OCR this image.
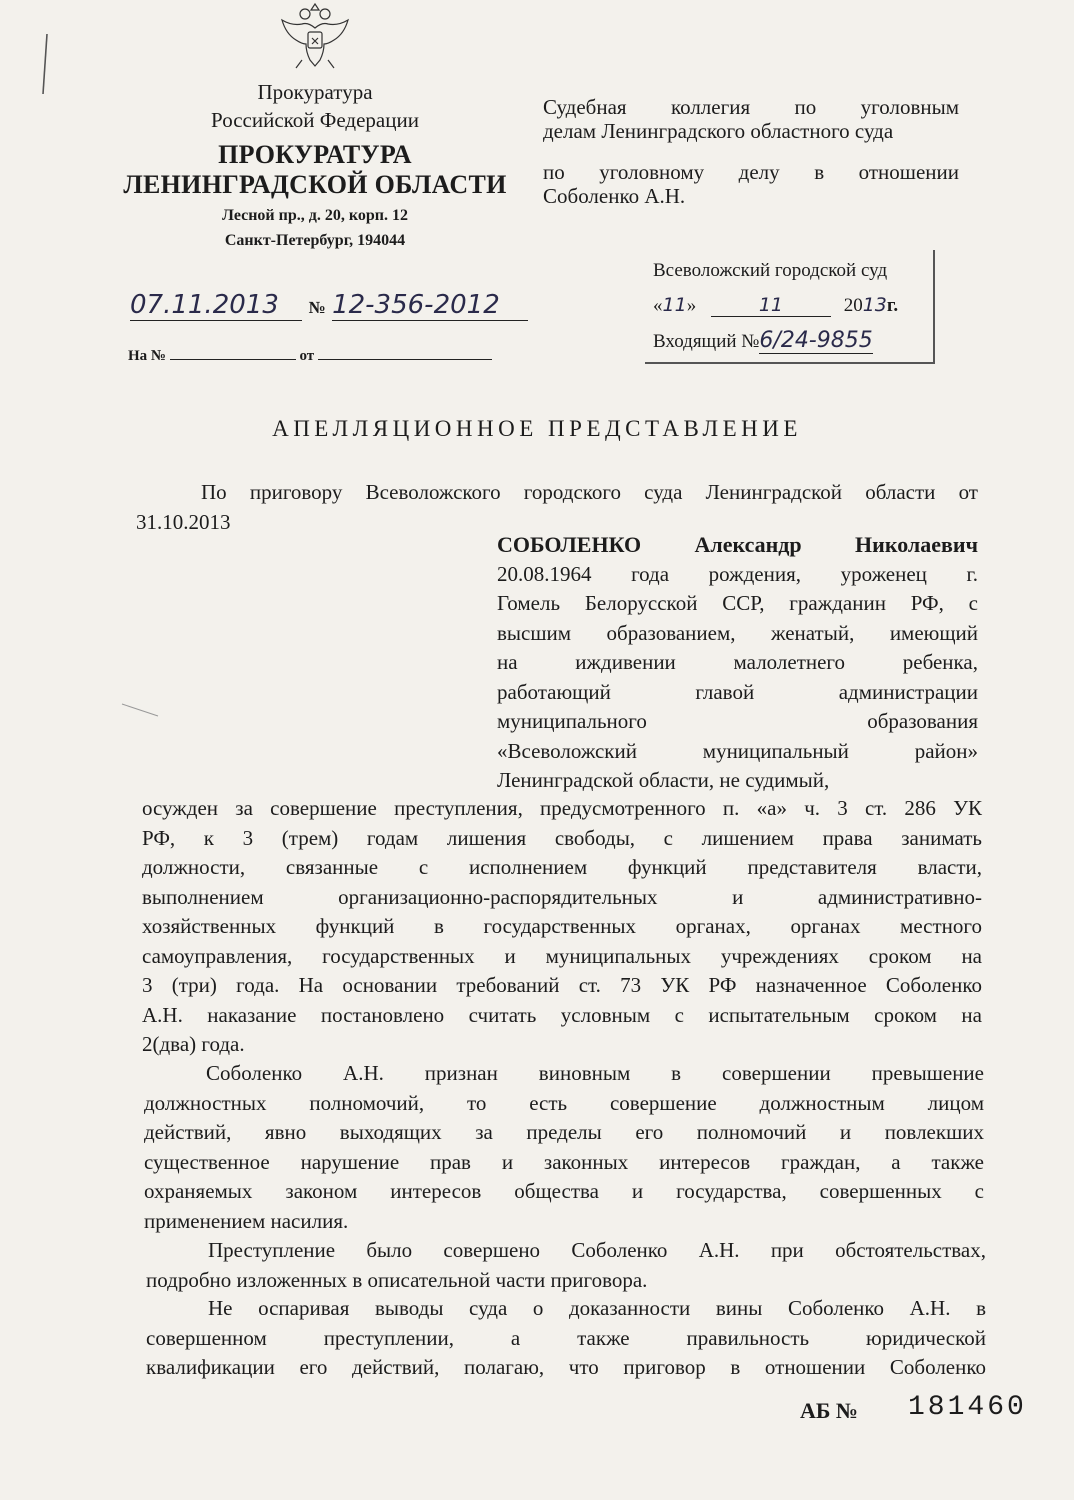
Прокуратура
Российской Федерации
ПРОКУРАТУРА
ЛЕНИНГРАДСКОЙ ОБЛАСТИ
Лесной пр., д. 20, корп. 12
Санкт-Петербург, 194044
Судебная коллегия по уголовным
делам Ленинградского областного суда
по уголовному делу в отношении
Соболенко А.Н.
Всеволожский городской суд
«11»	11	2013г.
Входящий №6/24-9855
07.11.2013 № 12-356-2012
На №	от
АПЕЛЛЯЦИОННОЕ ПРЕДСТАВЛЕНИЕ

По приговору Всеволожского городского суда Ленинградской области от

31.10.2013

СОБОЛЕНКО Александр Николаевич

20.08.1964 года рождения, уроженец г.

Гомель Белорусской ССР, гражданин РФ, с

высшим образованием, женатый, имеющий

на иждивении малолетнего ребенка,

работающий главой администрации

муниципального образования

«Всеволожский муниципальный район»

Ленинградской области, не судимый,

осужден за совершение преступления, предусмотренного п. «а» ч. 3 ст. 286 УК

РФ, к 3 (трем) годам лишения свободы, с лишением права занимать

должности, связанные с исполнением функций представителя власти,

выполнением организационно-распорядительных и административно-

хозяйственных функций в государственных органах, органах местного

самоуправления, государственных и муниципальных учреждениях сроком на

3 (три) года. На основании требований ст. 73 УК РФ назначенное Соболенко

А.Н. наказание постановлено считать условным с испытательным сроком на

2(два) года.

Соболенко А.Н. признан виновным в совершении превышение

должностных полномочий, то есть совершение должностным лицом

действий, явно выходящих за пределы его полномочий и повлекших

существенное нарушение прав и законных интересов граждан, а также

охраняемых законом интересов общества и государства, совершенных с

применением насилия.

Преступление было совершено Соболенко А.Н. при обстоятельствах,

подробно изложенных в описательной части приговора.

Не оспаривая выводы суда о доказанности вины Соболенко А.Н. в

совершенном преступлении, а также правильность юридической

квалификации его действий, полагаю, что приговор в отношении Соболенко

АБ № 181460
